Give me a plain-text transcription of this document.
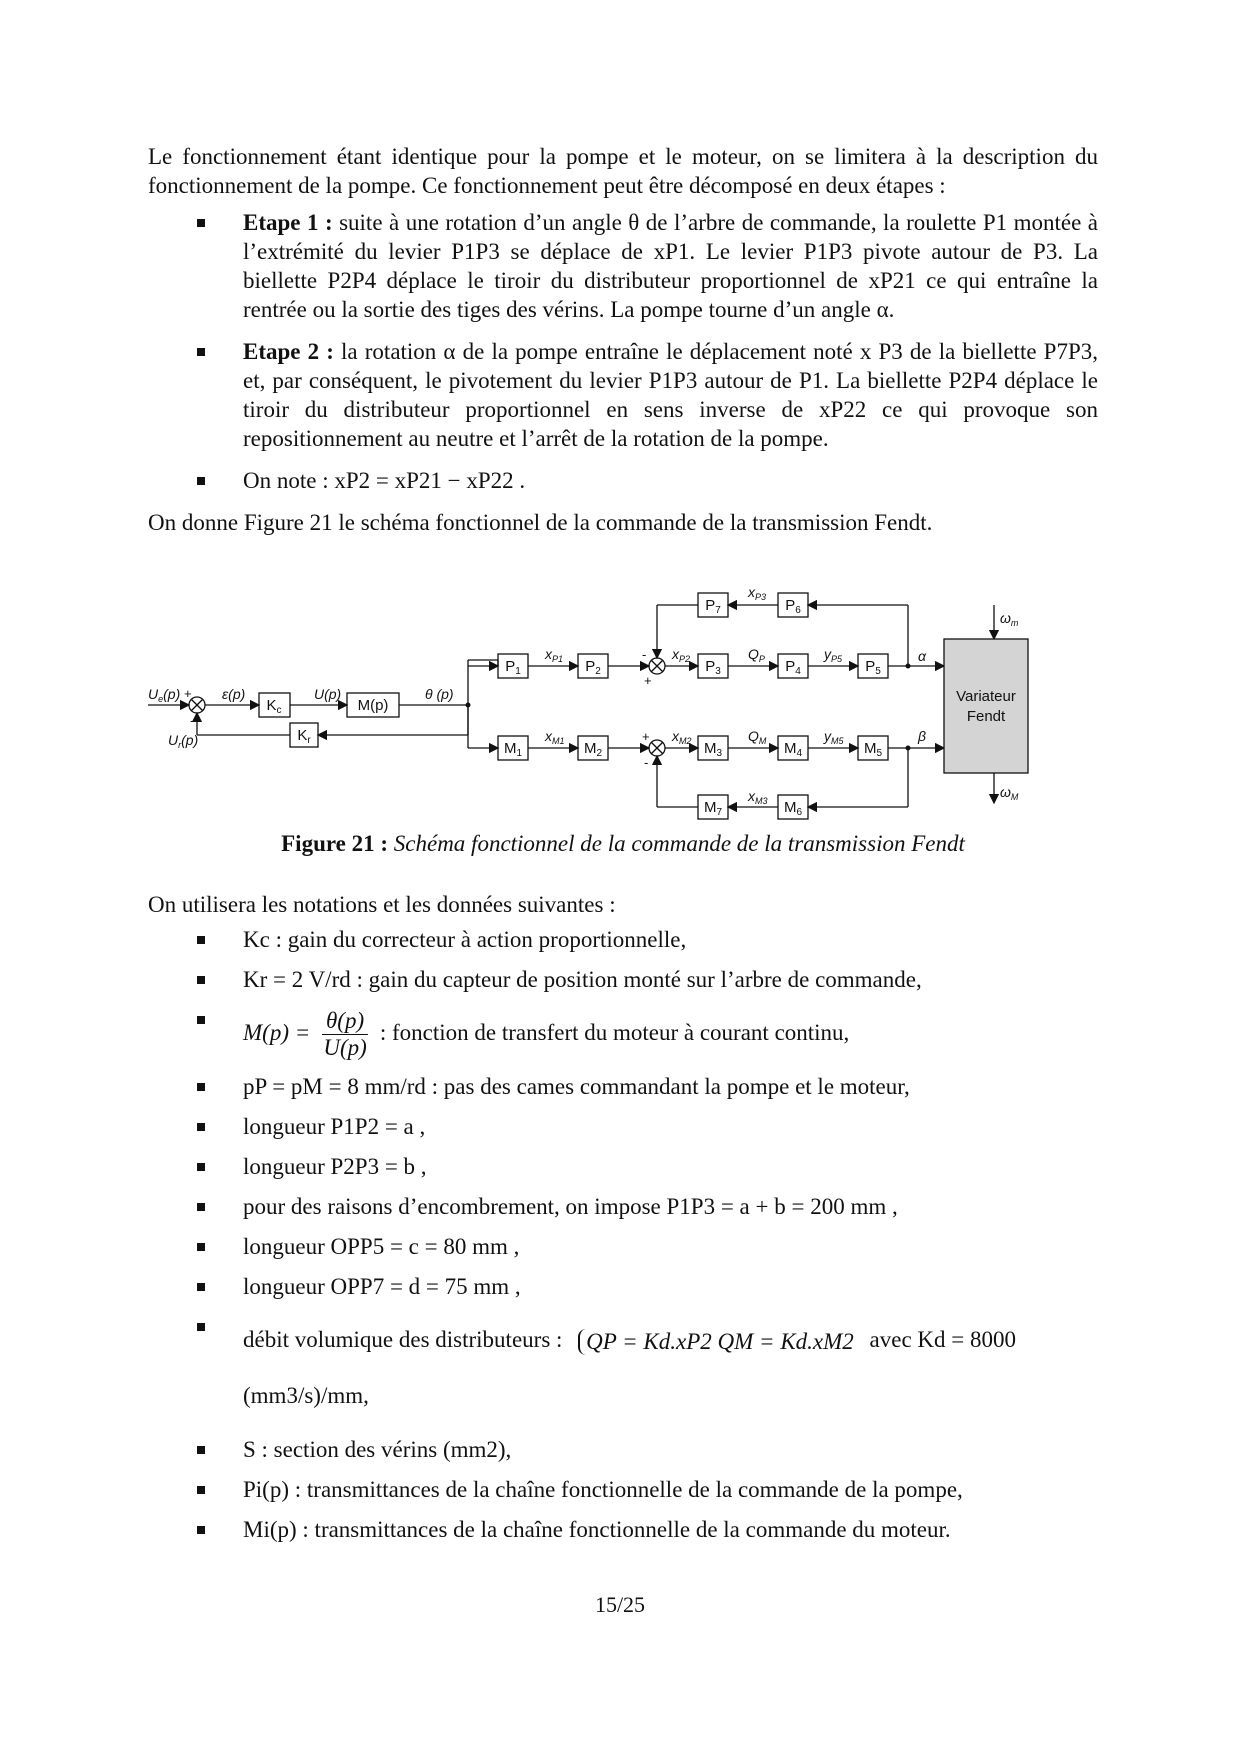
Le fonctionnement étant identique pour la pompe et le moteur, on se limitera à la description du fonctionnement de la pompe. Ce fonctionnement peut être décomposé en deux étapes :

Etape 1 : suite à une rotation d’un angle θ de l’arbre de commande, la roulette P1 montée à l’extrémité du levier P1P3 se déplace de xP1. Le levier P1P3 pivote autour de P3. La biellette P2P4 déplace le tiroir du distributeur proportionnel de xP21 ce qui entraîne la rentrée ou la sortie des tiges des vérins. La pompe tourne d’un angle α.
Etape 2 : la rotation α de la pompe entraîne le déplacement noté x P3 de la biellette P7P3, et, par conséquent, le pivotement du levier P1P3 autour de P1. La biellette P2P4 déplace le tiroir du distributeur proportionnel en sens inverse de xP22 ce qui provoque son repositionnement au neutre et l’arrêt de la rotation de la pompe.
On note : xP2 = xP21 − xP22 .

On donne Figure 21 le schéma fonctionnel de la commande de la transmission Fendt.

$K_c$	M(p)
$K_r$
$P_1$	$P_2$	$P_3$	$P_4$	$P_5$
$P_6$
$P_7$
$M_1$	$M_2$	$M_3$	$M_4$	$M_5$
$M_6$
$M_7$
Variateur
Fendt
$U_e(p)$	ε(p)	U(p)	θ (p)
$U_r(p)$
$x_{P1}$	$x_{P2}$
$x_{P3}$
$Q_P$	$y_{P5}$
$x_{M1}$	$x_{M2}$
$x_{M3}$
$Q_M$	$y_{M5}$
α
β
$\omega_m$
$\omega_M$
+
-
-
+
+
-
Figure 21 : Schéma fonctionnel de la commande de la transmission Fendt

On utilisera les notations et les données suivantes :

Kc : gain du correcteur à action proportionnelle,
Kr = 2 V/rd : gain du capteur de position monté sur l’arbre de commande,
$M(p) = \frac{\theta(p)}{U(p)}$ : fonction de transfert du moteur à courant continu,
pP = pM = 8 mm/rd : pas des cames commandant la pompe et le moteur,
longueur P1P2 = a ,
longueur P2P3 = b ,
pour des raisons d’encombrement, on impose P1P3 = a + b = 200 mm ,
longueur OPP5 = c = 80 mm ,
longueur OPP7 = d = 75 mm ,
débit volumique des distributeurs : QP = Kd.xP2 QM = Kd.xM2 avec Kd = 8000 (mm3/s)/mm,
S : section des vérins (mm2),
Pi(p) : transmittances de la chaîne fonctionnelle de la commande de la pompe,
Mi(p) : transmittances de la chaîne fonctionnelle de la commande du moteur.
15/25
